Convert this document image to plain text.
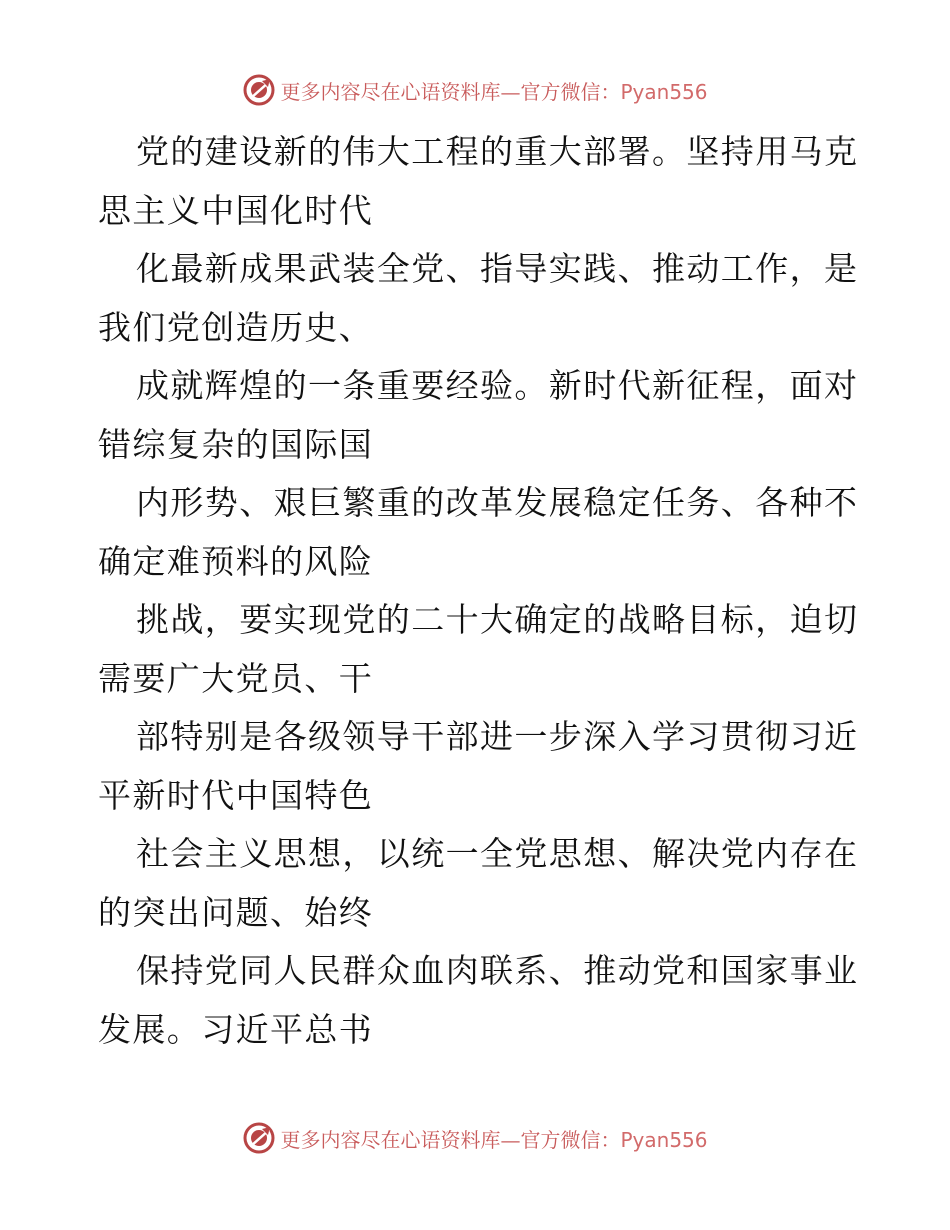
更多内容尽在心语资料库—官方微信：Pyan556
党的建设新的伟大工程的重大部署。坚持用马克
思主义中国化时代
化最新成果武装全党、指导实践、推动工作，是
我们党创造历史、
成就辉煌的一条重要经验。新时代新征程，面对
错综复杂的国际国
内形势、艰巨繁重的改革发展稳定任务、各种不
确定难预料的风险
挑战，要实现党的二十大确定的战略目标，迫切
需要广大党员、干
部特别是各级领导干部进一步深入学习贯彻习近
平新时代中国特色
社会主义思想，以统一全党思想、解决党内存在
的突出问题、始终
保持党同人民群众血肉联系、推动党和国家事业
发展。习近平总书
更多内容尽在心语资料库—官方微信：Pyan556
